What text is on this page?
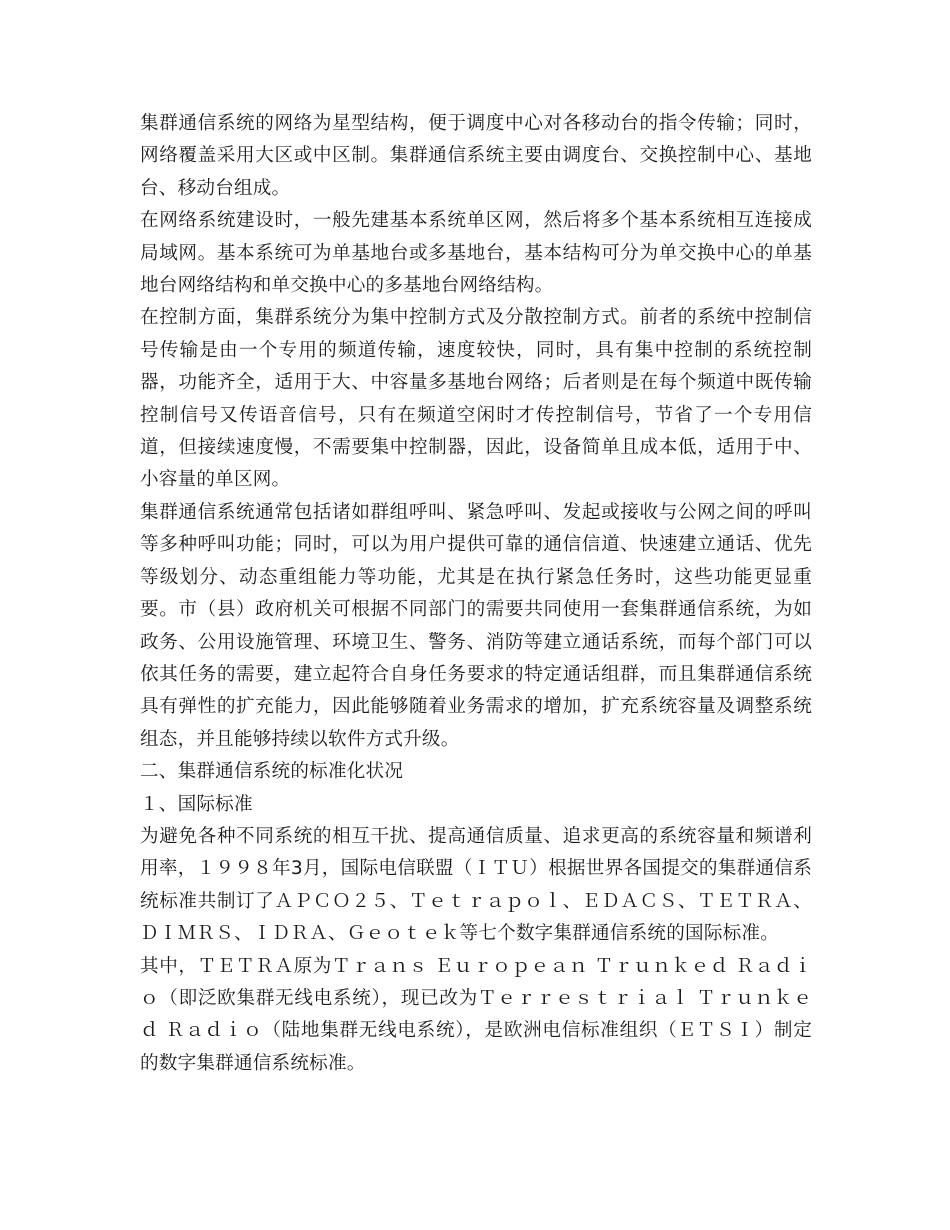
集群通信系统的网络为星型结构，便于调度中心对各移动台的指令传输；同时，网络覆盖采用大区或中区制。集群通信系统主要由调度台、交换控制中心、基地台、移动台组成。

在网络系统建设时，一般先建基本系统单区网，然后将多个基本系统相互连接成局域网。基本系统可为单基地台或多基地台，基本结构可分为单交换中心的单基地台网络结构和单交换中心的多基地台网络结构。

在控制方面，集群系统分为集中控制方式及分散控制方式。前者的系统中控制信号传输是由一个专用的频道传输，速度较快，同时，具有集中控制的系统控制器，功能齐全，适用于大、中容量多基地台网络；后者则是在每个频道中既传输控制信号又传语音信号，只有在频道空闲时才传控制信号，节省了一个专用信道，但接续速度慢，不需要集中控制器，因此，设备简单且成本低，适用于中、小容量的单区网。

集群通信系统通常包括诸如群组呼叫、紧急呼叫、发起或接收与公网之间的呼叫等多种呼叫功能；同时，可以为用户提供可靠的通信信道、快速建立通话、优先等级划分、动态重组能力等功能，尤其是在执行紧急任务时，这些功能更显重要。市（县）政府机关可根据不同部门的需要共同使用一套集群通信系统，为如政务、公用设施管理、环境卫生、警务、消防等建立通话系统，而每个部门可以依其任务的需要，建立起符合自身任务要求的特定通话组群，而且集群通信系统具有弹性的扩充能力，因此能够随着业务需求的增加，扩充系统容量及调整系统组态，并且能够持续以软件方式升级。

二、集群通信系统的标准化状况

１、国际标准

为避免各种不同系统的相互干扰、提高通信质量、追求更高的系统容量和频谱利用率，１９９８年3月，国际电信联盟（ＩＴＵ）根据世界各国提交的集群通信系统标准共制订了ＡＰＣＯ２５、Ｔｅｔｒａｐｏｌ、ＥＤＡＣＳ、ＴＥＴＲＡ、ＤＩＭＲＳ、ＩＤＲＡ、Ｇｅｏｔｅｋ等七个数字集群通信系统的国际标准。

其中，ＴＥＴＲＡ原为Ｔｒａｎｓ Ｅｕｒｏｐｅａｎ Ｔｒｕｎｋｅｄ Ｒａｄｉｏ（即泛欧集群无线电系统），现已改为Ｔｅｒｒｅｓｔｒｉａｌ Ｔｒｕｎｋｅｄ Ｒａｄｉｏ（陆地集群无线电系统），是欧洲电信标准组织（ＥＴＳＩ）制定的数字集群通信系统标准。
